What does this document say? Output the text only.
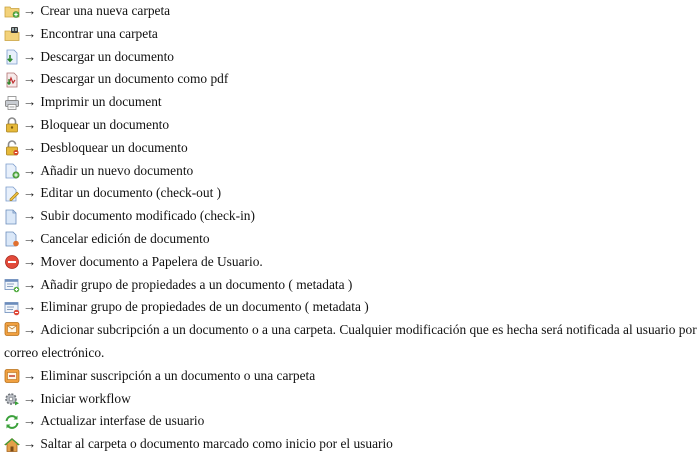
→ Crear una nueva carpeta
→ Encontrar una carpeta
→ Descargar un documento
→ Descargar un documento como pdf
→ Imprimir un document
→ Bloquear un documento
→ Desbloquear un documento
→ Añadir un nuevo documento
→ Editar un documento (check-out )
→ Subir documento modificado (check-in)
→ Cancelar edición de documento
→ Mover documento a Papelera de Usuario.
→ Añadir grupo de propiedades a un documento ( metadata )
→ Eliminar grupo de propiedades de un documento ( metadata )
→ Adicionar subcripción a un documento o a una carpeta. Cualquier modificación que es hecha será notificada al usuario por correo electrónico.
→ Eliminar suscripción a un documento o una carpeta
→ Iniciar workflow
→ Actualizar interfase de usuario
→ Saltar al carpeta o documento marcado como inicio por el usuario
